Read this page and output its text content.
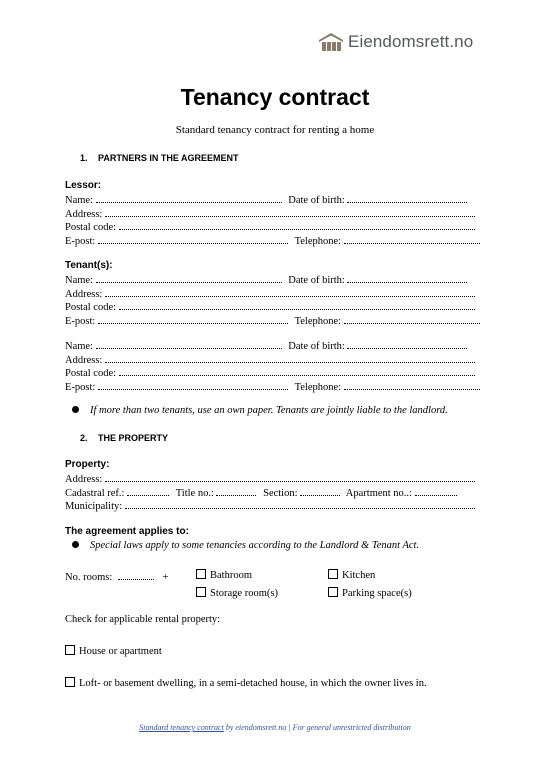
Eiendomsrett.no
Tenancy contract
Standard tenancy contract for renting a home
1. PARTNERS IN THE AGREEMENT
Lessor:
Name:	Date of birth:
Address:
Postal code:
E-post:	Telephone:
Tenant(s):
Name:	Date of birth:
Address:
Postal code:
E-post:	Telephone:
Name:	Date of birth:
Address:
Postal code:
E-post:	Telephone:
If more than two tenants, use an own paper. Tenants are jointly liable to the landlord.
2. THE PROPERTY
Property:
Address:
Cadastral ref.:	Title no.:	Section:	Apartment no..:
Municipality:
The agreement applies to:
Special laws apply to some tenancies according to the Landlord & Tenant Act.
No. rooms:	+	Bathroom	Kitchen
Storage room(s)	Parking space(s)
Check for applicable rental property:
House or apartment
Loft- or basement dwelling, in a semi-detached house, in which the owner lives in.
Standard tenancy contract by eiendomsrett.no | For general unrestricted distribution
